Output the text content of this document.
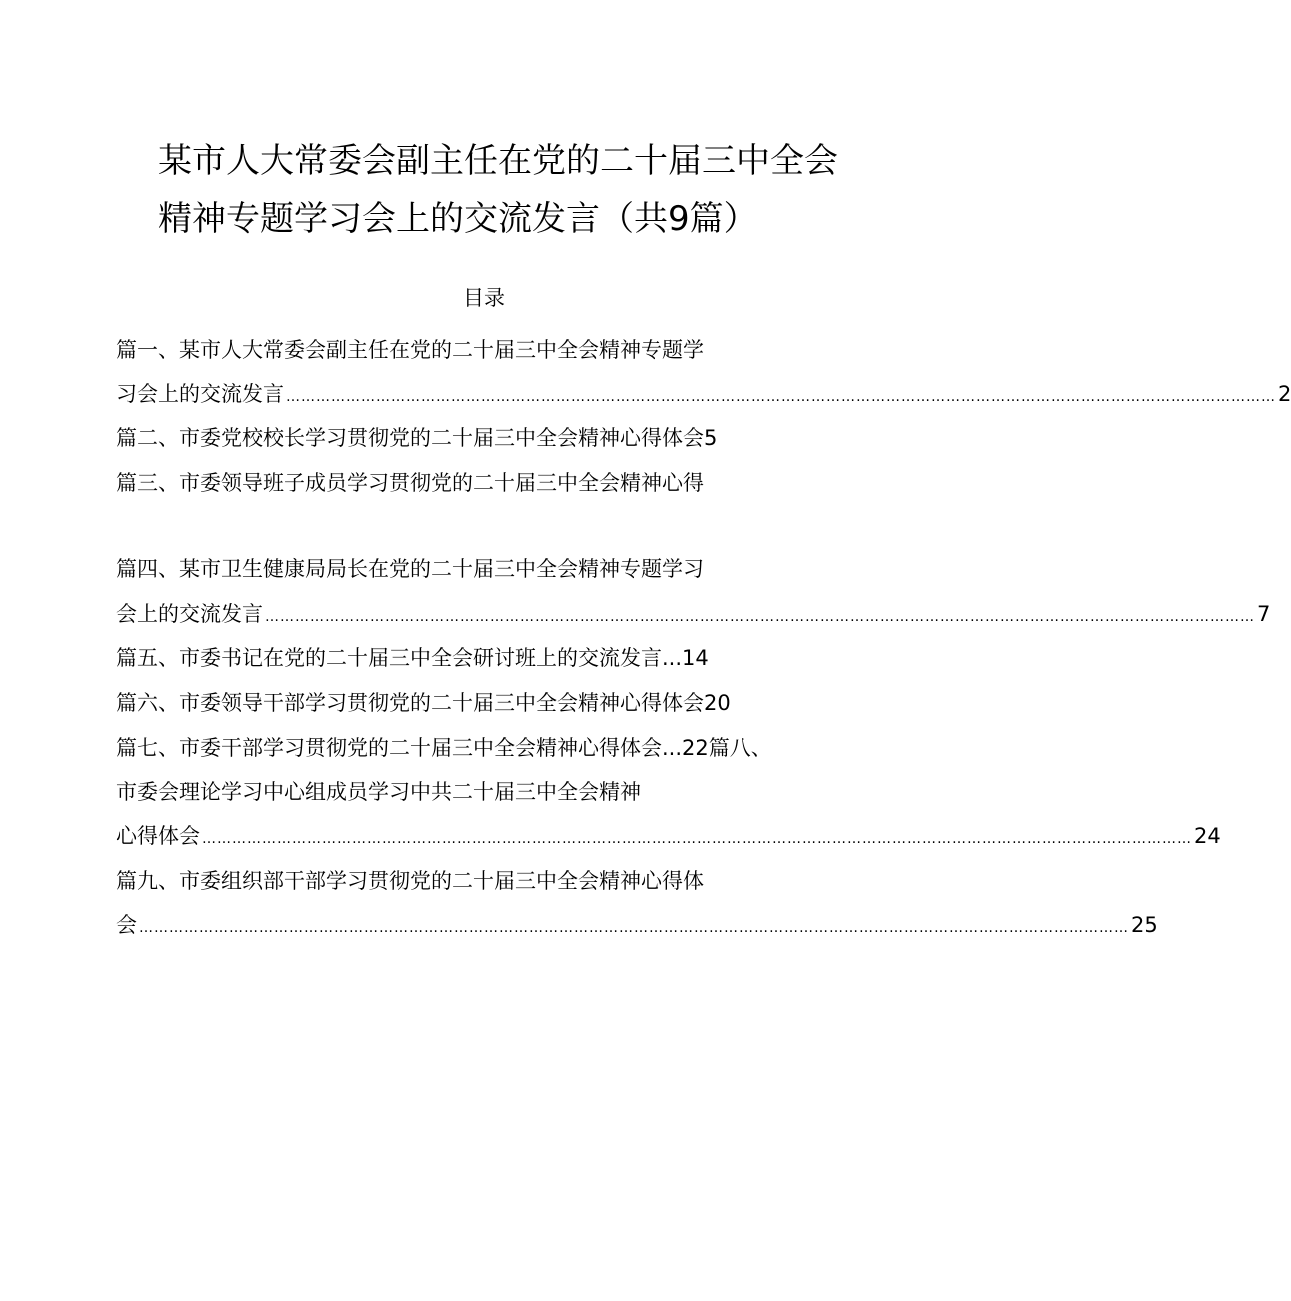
某市人大常委会副主任在党的二十届三中全会
精神专题学习会上的交流发言（共9篇）
目录
篇一、某市人大常委会副主任在党的二十届三中全会精神专题学
习会上的交流发言 ……………………………………………………………………………………………………………………………………………………………………………… 2
篇二、市委党校校长学习贯彻党的二十届三中全会精神心得体会5
篇三、市委领导班子成员学习贯彻党的二十届三中全会精神心得
篇四、某市卫生健康局局长在党的二十届三中全会精神专题学习
会上的交流发言 ……………………………………………………………………………………………………………………………………………………………………………… 7
篇五、市委书记在党的二十届三中全会研讨班上的交流发言...14
篇六、市委领导干部学习贯彻党的二十届三中全会精神心得体会20
篇七、市委干部学习贯彻党的二十届三中全会精神心得体会...22篇八、
市委会理论学习中心组成员学习中共二十届三中全会精神
心得体会 ……………………………………………………………………………………………………………………………………………………………………………… 24
篇九、市委组织部干部学习贯彻党的二十届三中全会精神心得体
会 ……………………………………………………………………………………………………………………………………………………………………………… 25
